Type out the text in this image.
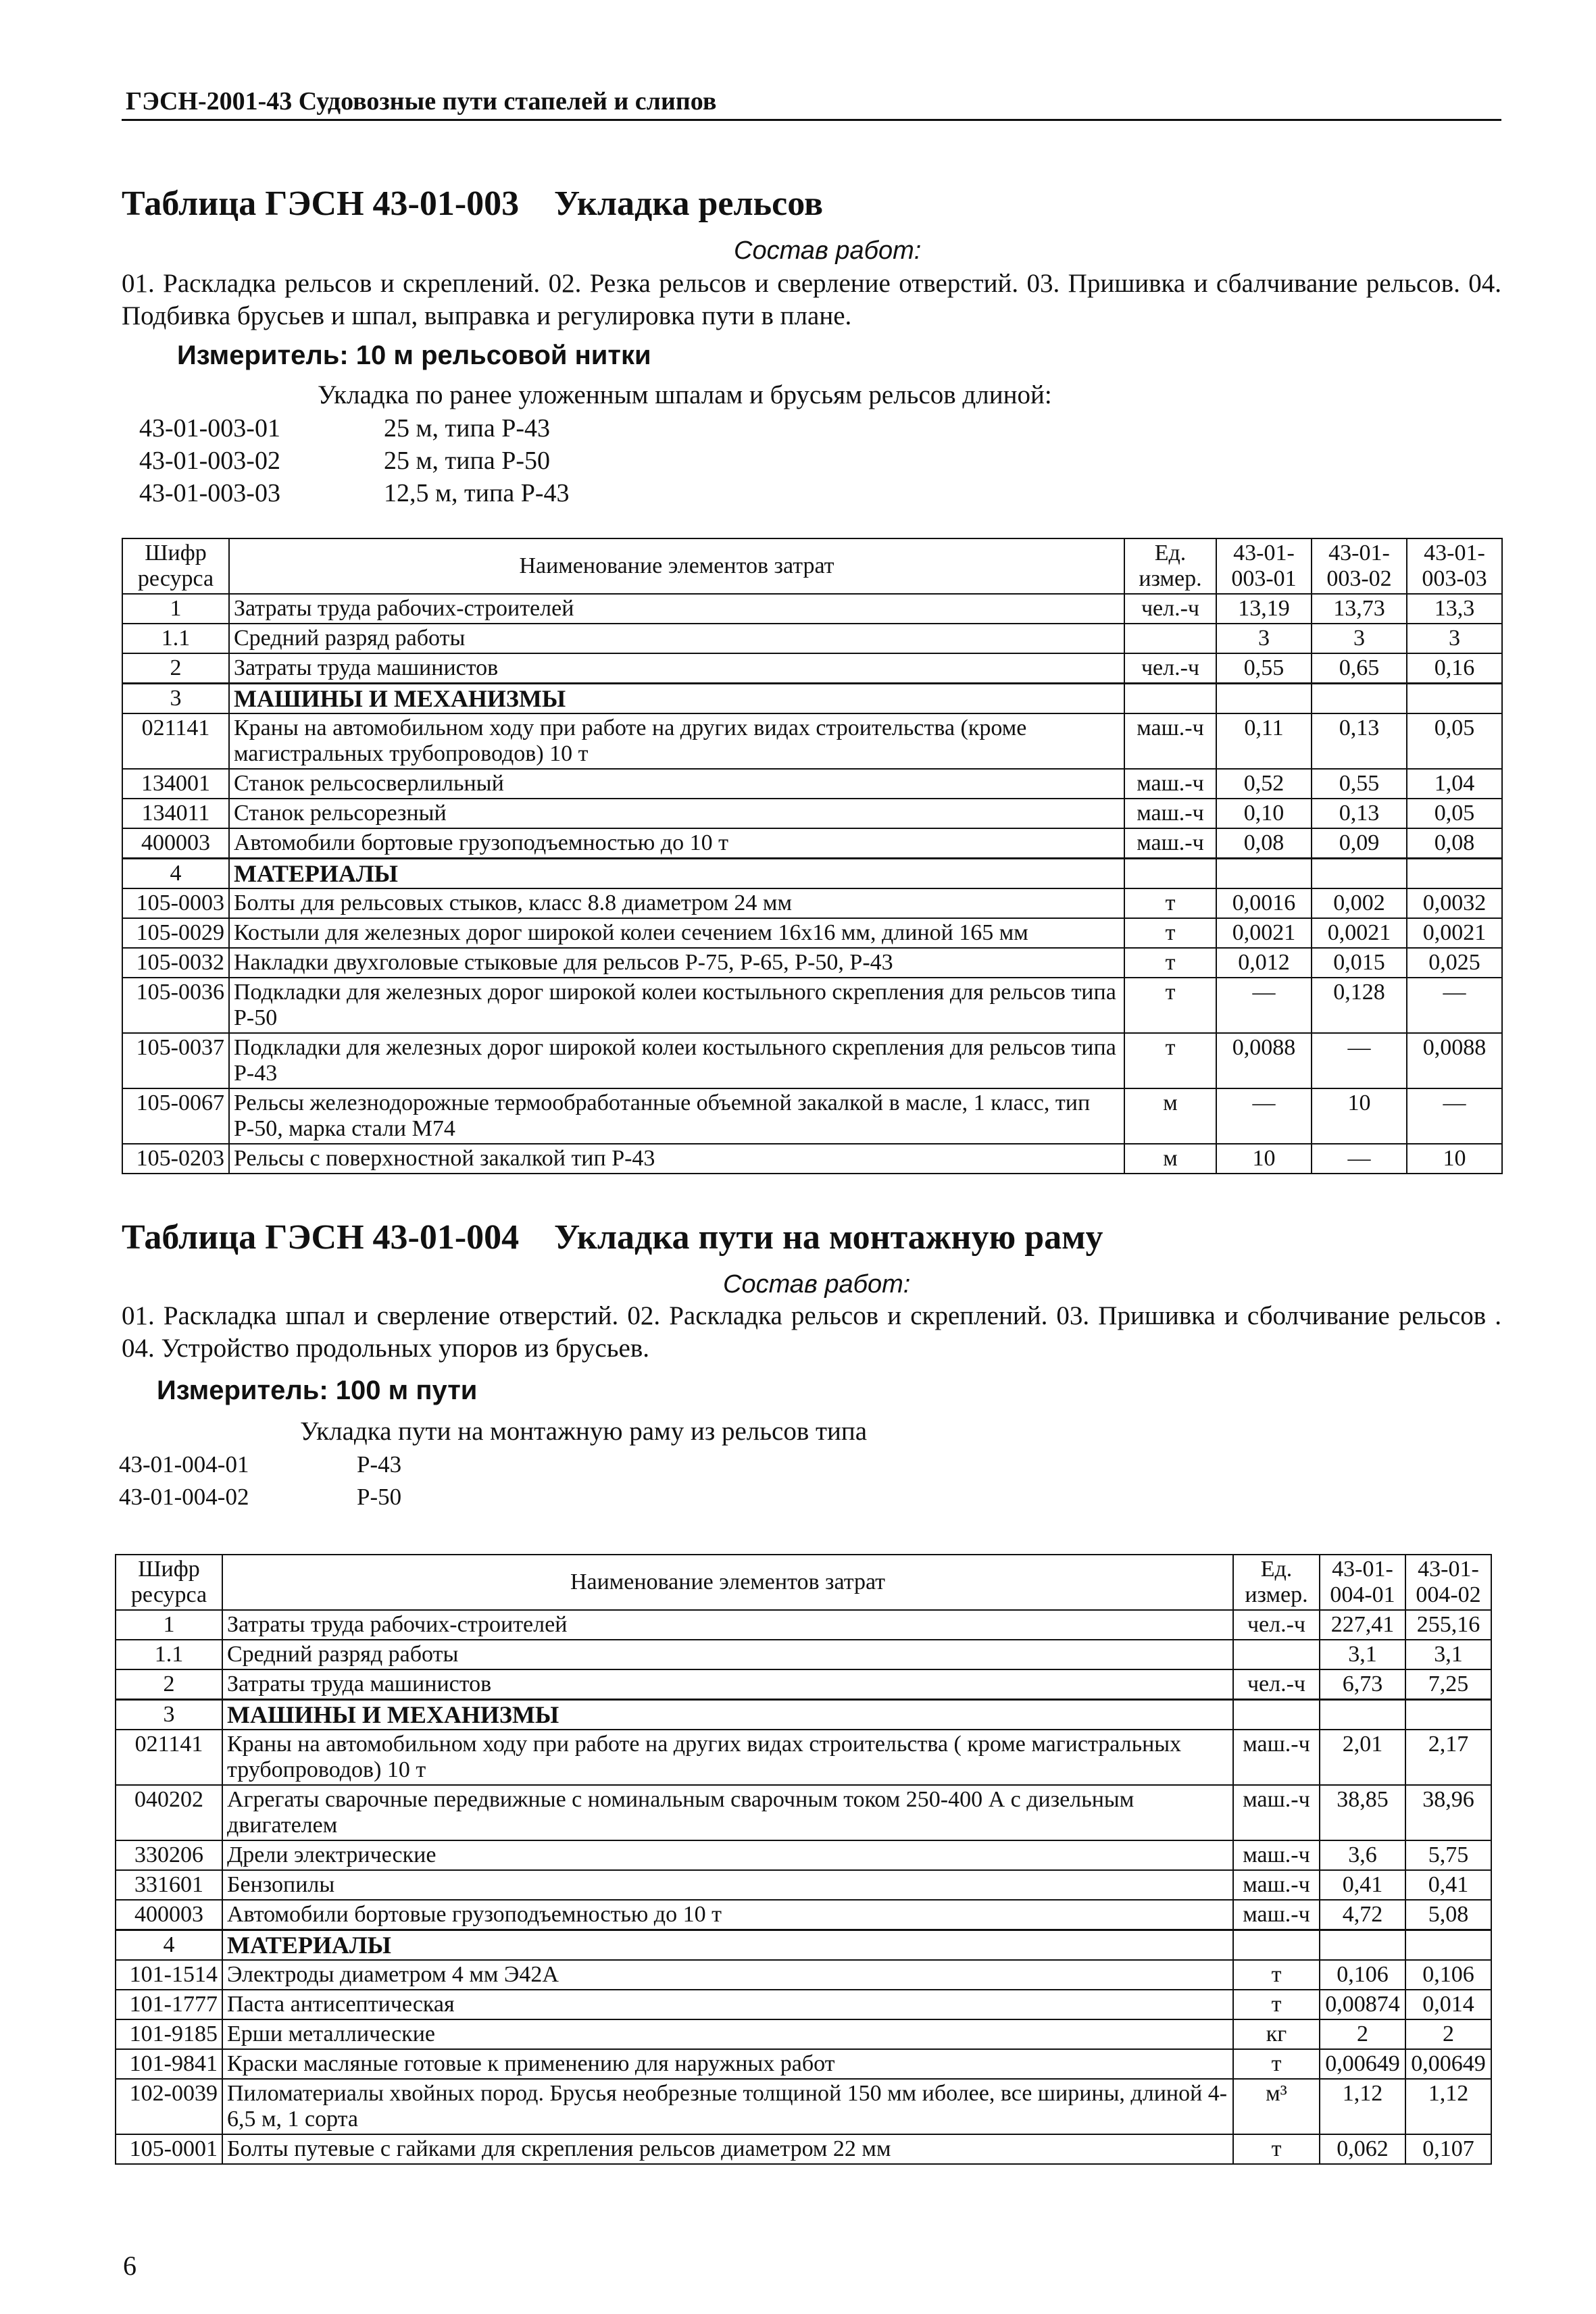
ГЭСН-2001-43 Судовозные пути стапелей и слипов
Таблица ГЭСН 43-01-003 Укладка рельсов
Состав работ:
01. Раскладка рельсов и скреплений. 02. Резка рельсов и сверление отверстий. 03. Пришивка и сбалчивание рельсов. 04. Подбивка брусьев и шпал, выправка и регулировка пути в плане.
Измеритель: 10 м рельсовой нитки
Укладка по ранее уложенным шпалам и брусьям рельсов длиной:
43-01-003-01	25 м, типа Р-43
43-01-003-02	25 м, типа Р-50
43-01-003-03	12,5 м, типа Р-43
Шифр ресурса	Наименование элементов затрат	Ед. измер.	43-01-003-01	43-01-003-02	43-01-003-03
1	Затраты труда рабочих-строителей	чел.-ч	13,19	13,73	13,3
1.1	Средний разряд работы		3	3	3
2	Затраты труда машинистов	чел.-ч	0,55	0,65	0,16
3	МАШИНЫ И МЕХАНИЗМЫ				
021141	Краны на автомобильном ходу при работе на других видах строительства (кроме магистральных трубопроводов) 10 т	маш.-ч	0,11	0,13	0,05
134001	Станок рельсосверлильный	маш.-ч	0,52	0,55	1,04
134011	Станок рельсорезный	маш.-ч	0,10	0,13	0,05
400003	Автомобили бортовые грузоподъемностью до 10 т	маш.-ч	0,08	0,09	0,08
4	МАТЕРИАЛЫ				
105-0003	Болты для рельсовых стыков, класс 8.8 диаметром 24 мм	т	0,0016	0,002	0,0032
105-0029	Костыли для железных дорог широкой колеи сечением 16х16 мм, длиной 165 мм	т	0,0021	0,0021	0,0021
105-0032	Накладки двухголовые стыковые для рельсов Р-75, Р-65, Р-50, Р-43	т	0,012	0,015	0,025
105-0036	Подкладки для железных дорог широкой колеи костыльного скрепления для рельсов типа Р-50	т	—	0,128	—
105-0037	Подкладки для железных дорог широкой колеи костыльного скрепления для рельсов типа Р-43	т	0,0088	—	0,0088
105-0067	Рельсы железнодорожные термообработанные объемной закалкой в масле, 1 класс, тип Р-50, марка стали М74	м	—	10	—
105-0203	Рельсы с поверхностной закалкой тип Р-43	м	10	—	10
Таблица ГЭСН 43-01-004 Укладка пути на монтажную раму
Состав работ:
01. Раскладка шпал и сверление отверстий. 02. Раскладка рельсов и скреплений. 03. Пришивка и сболчивание рельсов . 04. Устройство продольных упоров из брусьев.
Измеритель: 100 м пути
Укладка пути на монтажную раму из рельсов типа
43-01-004-01	Р-43
43-01-004-02	Р-50
Шифр ресурса	Наименование элементов затрат	Ед. измер.	43-01-004-01	43-01-004-02
1	Затраты труда рабочих-строителей	чел.-ч	227,41	255,16
1.1	Средний разряд работы		3,1	3,1
2	Затраты труда машинистов	чел.-ч	6,73	7,25
3	МАШИНЫ И МЕХАНИЗМЫ			
021141	Краны на автомобильном ходу при работе на других видах строительства ( кроме магистральных трубопроводов) 10 т	маш.-ч	2,01	2,17
040202	Агрегаты сварочные передвижные с номинальным сварочным током 250-400 А с дизельным двигателем	маш.-ч	38,85	38,96
330206	Дрели электрические	маш.-ч	3,6	5,75
331601	Бензопилы	маш.-ч	0,41	0,41
400003	Автомобили бортовые грузоподъемностью до 10 т	маш.-ч	4,72	5,08
4	МАТЕРИАЛЫ			
101-1514	Электроды диаметром 4 мм Э42А	т	0,106	0,106
101-1777	Паста антисептическая	т	0,00874	0,014
101-9185	Ерши металлические	кг	2	2
101-9841	Краски масляные готовые к применению для наружных работ	т	0,00649	0,00649
102-0039	Пиломатериалы хвойных пород. Брусья необрезные толщиной 150 мм иболее, все ширины, длиной 4-6,5 м, 1 сорта	м³	1,12	1,12
105-0001	Болты путевые с гайками для скрепления рельсов диаметром 22 мм	т	0,062	0,107
6
